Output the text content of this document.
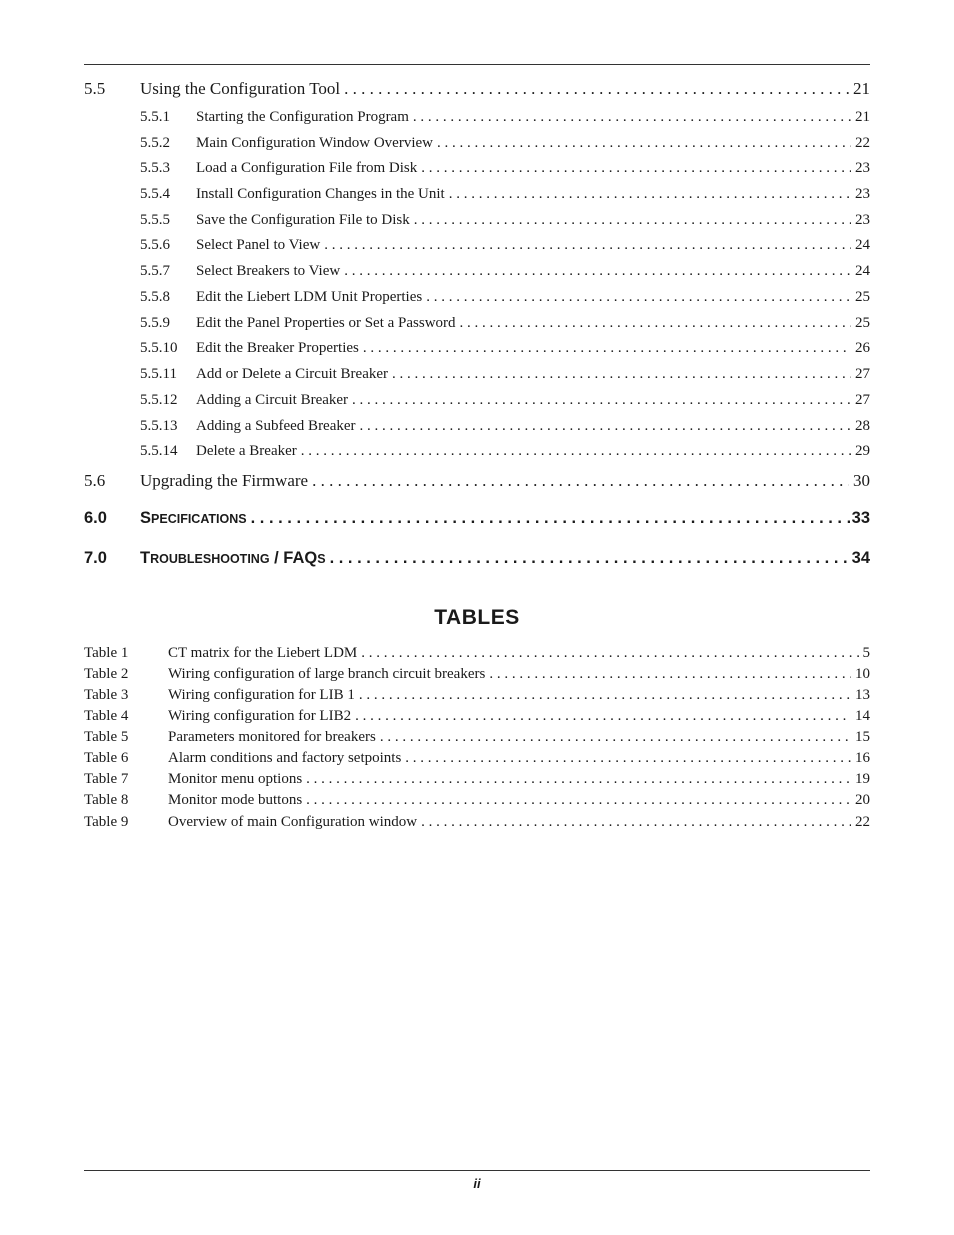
5.5	Using the Configuration Tool . . .	21
5.5.1	Starting the Configuration Program . . .	21
5.5.2	Main Configuration Window Overview . . .	22
5.5.3	Load a Configuration File from Disk . . .	23
5.5.4	Install Configuration Changes in the Unit . . .	23
5.5.5	Save the Configuration File to Disk . . .	23
5.5.6	Select Panel to View . . .	24
5.5.7	Select Breakers to View . . .	24
5.5.8	Edit the Liebert LDM Unit Properties . . .	25
5.5.9	Edit the Panel Properties or Set a Password . . .	25
5.5.10	Edit the Breaker Properties . . .	26
5.5.11	Add or Delete a Circuit Breaker . . .	27
5.5.12	Adding a Circuit Breaker . . .	27
5.5.13	Adding a Subfeed Breaker . . .	28
5.5.14	Delete a Breaker . . .	29
5.6	Upgrading the Firmware . . .	30
6.0	SPECIFICATIONS . . .	33
7.0	TROUBLESHOOTING / FAQS . . .	34
TABLES
Table 1	CT matrix for the Liebert LDM . . .	5
Table 2	Wiring configuration of large branch circuit breakers . . .	10
Table 3	Wiring configuration for LIB 1 . . .	13
Table 4	Wiring configuration for LIB2 . . .	14
Table 5	Parameters monitored for breakers . . .	15
Table 6	Alarm conditions and factory setpoints . . .	16
Table 7	Monitor menu options . . .	19
Table 8	Monitor mode buttons . . .	20
Table 9	Overview of main Configuration window . . .	22
ii
